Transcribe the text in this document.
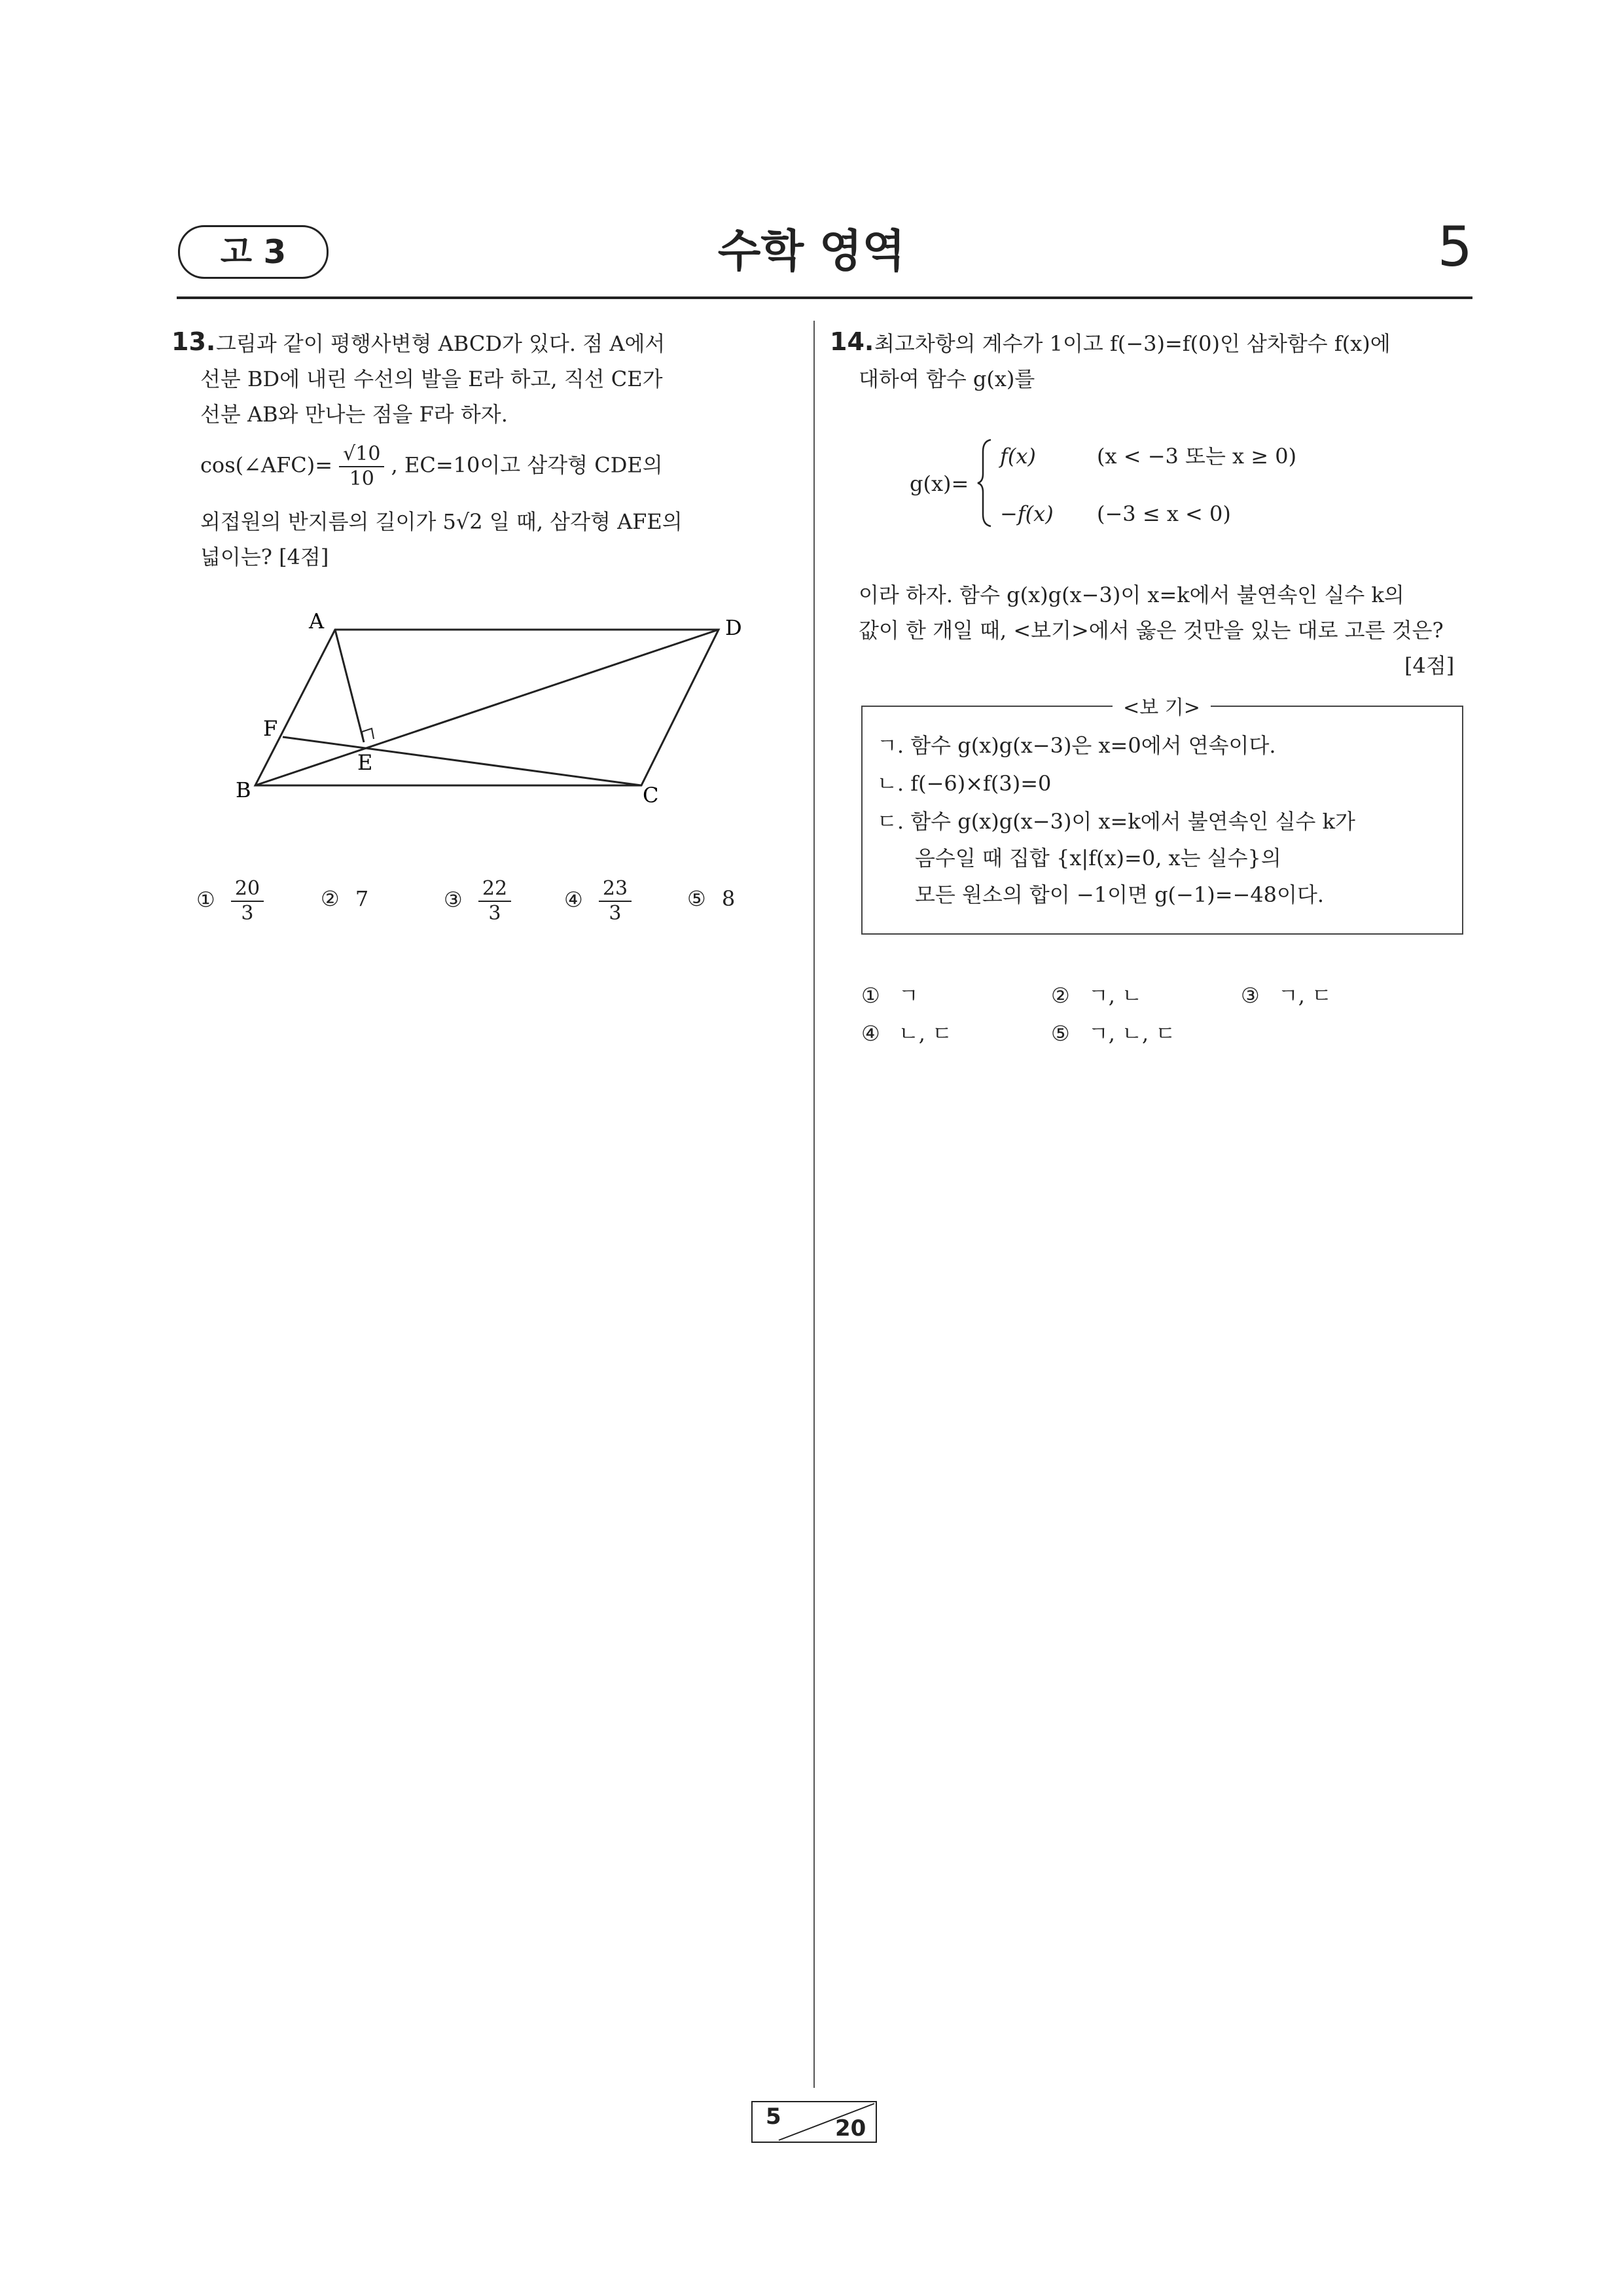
고 3	수학 영역	5
13. 그림과 같이 평행사변형 ABCD가 있다. 점 A에서
선분 BD에 내린 수선의 발을 E라 하고, 직선 CE가
선분 AB와 만나는 점을 F라 하자.
cos(∠AFC)= $\frac{√10}{10}$ , EC=10이고 삼각형 CDE의
외접원의 반지름의 길이가 5√2 일 때, 삼각형 AFE의
넓이는? [4점]
A	D
B	C
E
F
① $\frac{20}{3}$	② 7	③ $\frac{22}{3}$	④ $\frac{23}{3}$	⑤ 8
14. 최고차항의 계수가 1이고 f(−3)=f(0)인 삼차함수 f(x)에
대하여 함수 g(x)를
g(x)=
f(x)	(x < −3 또는 x ≥ 0)
−f(x) (−3 ≤ x < 0)
이라 하자. 함수 g(x)g(x−3)이 x=k에서 불연속인 실수 k의
값이 한 개일 때, <보기>에서 옳은 것만을 있는 대로 고른 것은?
[4점]
<보 기>
ㄱ. 함수 g(x)g(x−3)은 x=0에서 연속이다.
ㄴ. f(−6)×f(3)=0
ㄷ. 함수 g(x)g(x−3)이 x=k에서 불연속인 실수 k가
음수일 때 집합 {x|f(x)=0, x는 실수}의
모든 원소의 합이 −1이면 g(−1)=−48이다.
① ㄱ	② ㄱ, ㄴ	③ ㄱ, ㄷ
④ ㄴ, ㄷ	⑤ ㄱ, ㄴ, ㄷ
5 20
